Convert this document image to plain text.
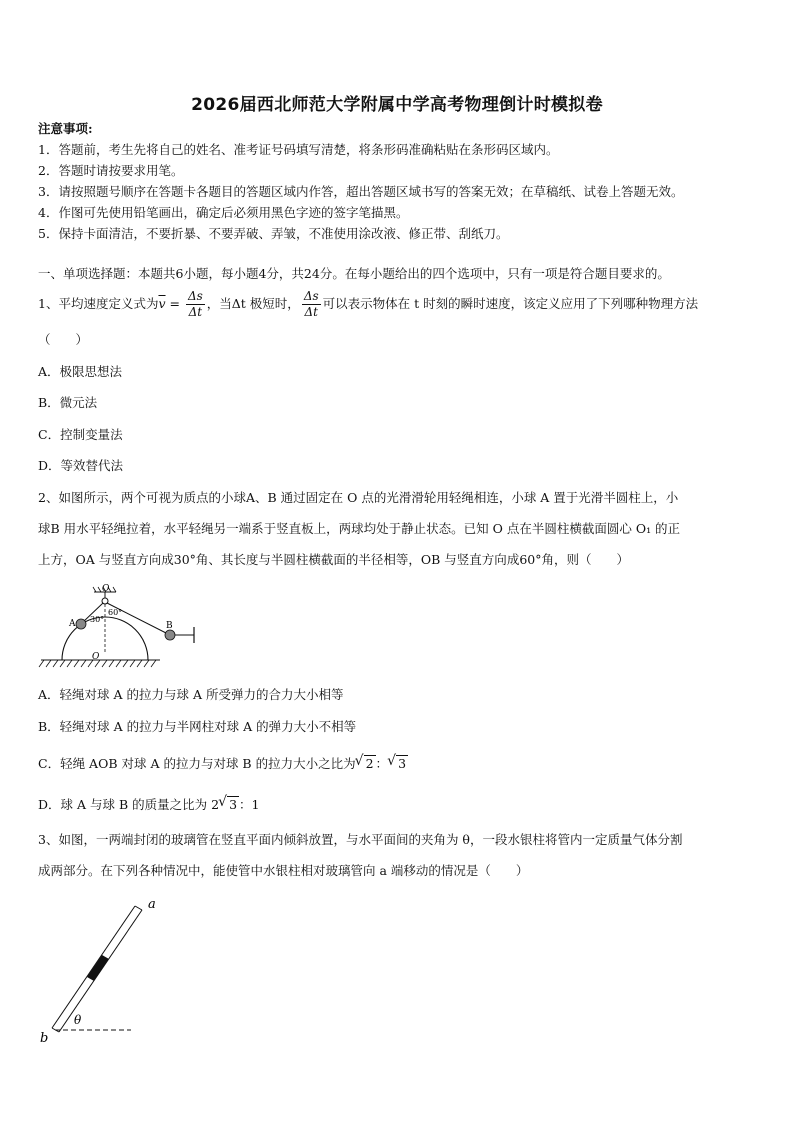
2026届西北师范大学附属中学高考物理倒计时模拟卷
注意事项:
1．答题前，考生先将自己的姓名、准考证号码填写清楚，将条形码准确粘贴在条形码区域内。
2．答题时请按要求用笔。
3．请按照题号顺序在答题卡各题目的答题区域内作答，超出答题区域书写的答案无效；在草稿纸、试卷上答题无效。
4．作图可先使用铅笔画出，确定后必须用黑色字迹的签字笔描黑。
5．保持卡面清洁，不要折暴、不要弄破、弄皱，不准使用涂改液、修正带、刮纸刀。
一、单项选择题：本题共6小题，每小题4分，共24分。在每小题给出的四个选项中，只有一项是符合题目要求的。
1、平均速度定义式为$\overline{v} = \frac{\Delta s}{\Delta t}$ ，当Δt 极短时， $\frac{\Delta s}{\Delta t}$ 可以表示物体在 t 时刻的瞬时速度，该定义应用了下列哪种物理方法
（　　）
A．极限思想法
B．微元法
C．控制变量法
D．等效替代法
2、如图所示，两个可视为质点的小球A、B 通过固定在 O 点的光滑滑轮用轻绳相连，小球 A 置于光滑半圆柱上，小
球B 用水平轻绳拉着，水平轻绳另一端系于竖直板上，两球均处于静止状态。已知 O 点在半圆柱横截面圆心 O₁ 的正
上方，OA 与竖直方向成30°角、其长度与半圆柱横截面的半径相等，OB 与竖直方向成60°角，则（　　）
O
60°
30°
A	B
O
A．轻绳对球 A 的拉力与球 A 所受弹力的合力大小相等
B．轻绳对球 A 的拉力与半网柱对球 A 的弹力大小不相等
C．轻绳 AOB 对球 A 的拉力与对球 B 的拉力大小之比为 √ 2 ： √ 3
D．球 A 与球 B 的质量之比为 2 √ 3 ：1
3、如图，一两端封闭的玻璃管在竖直平面内倾斜放置，与水平面间的夹角为 θ，一段水银柱将管内一定质量气体分割
成两部分。在下列各种情况中，能使管中水银柱相对玻璃管向 a 端移动的情况是（　　）
a
b
θ
